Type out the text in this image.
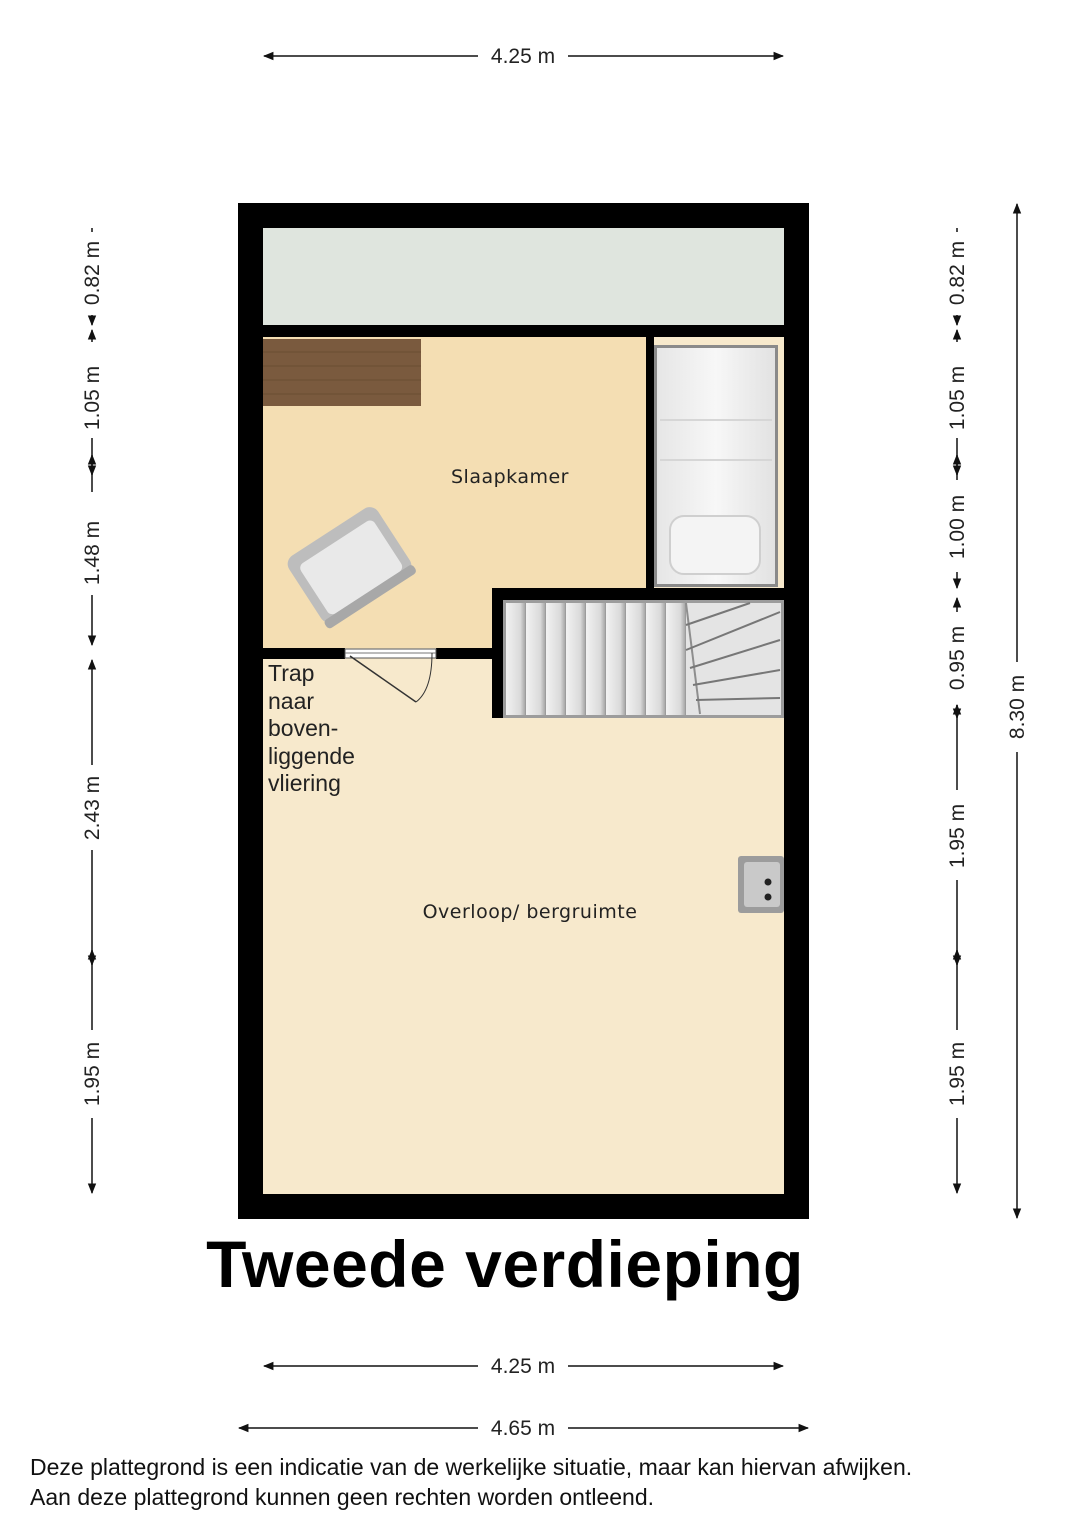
Slaapkamer
Overloop/ bergruimte
Trap
naar
boven-
liggende
vliering
4.25 m
4.25 m
4.65 m
0.82 m
1.05 m
1.48 m
2.43 m
1.95 m
0.82 m
1.05 m
1.00 m
0.95 m
1.95 m
1.95 m
8.30 m
Tweede verdieping
Deze plattegrond is een indicatie van de werkelijke situatie, maar kan hiervan afwijken.
Aan deze plattegrond kunnen geen rechten worden ontleend.
